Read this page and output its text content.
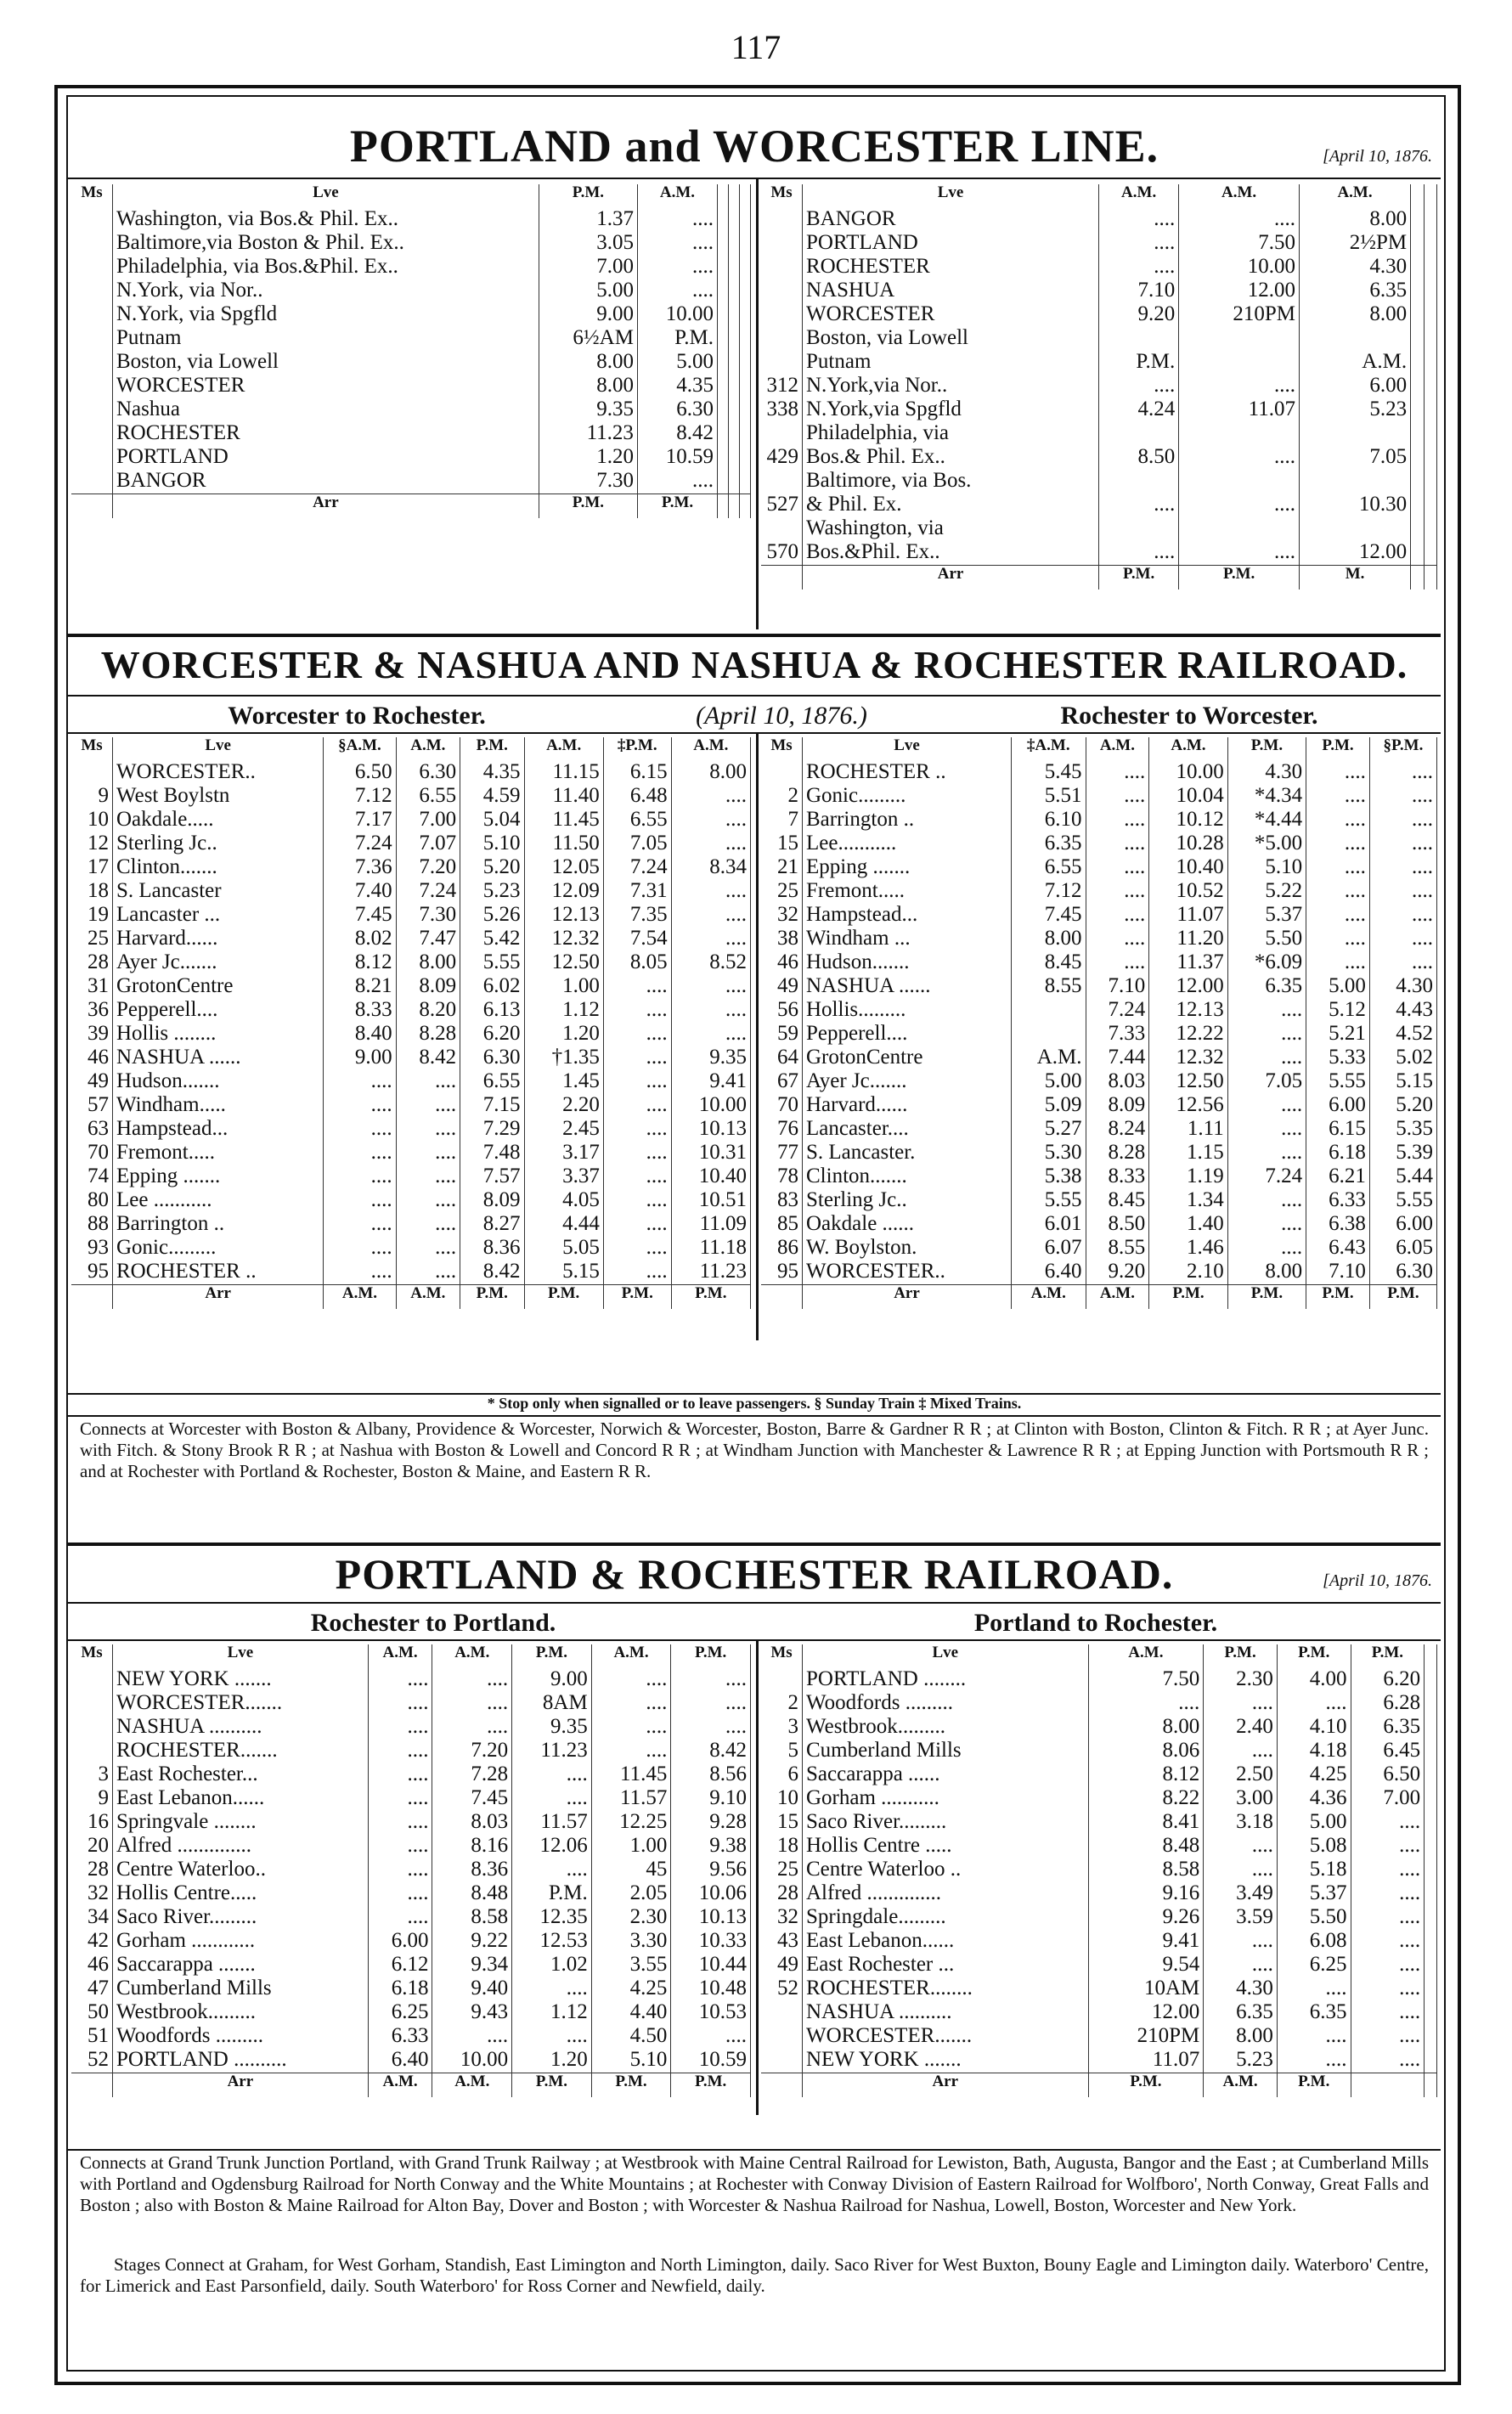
117
PORTLAND and WORCESTER LINE.	[April 10, 1876.
Ms	Lve	P.M.	A.M.			
	Washington, via Bos.& Phil. Ex..	1.37	....			
	Baltimore,via Boston & Phil. Ex..	3.05	....			
	Philadelphia, via Bos.&Phil. Ex..	7.00	....			
	N.York, via Nor..	5.00	....			
	N.York, via Spgfld	9.00	10.00			
	Putnam	6½AM	P.M.			
	Boston, via Lowell	8.00	5.00			
	WORCESTER	8.00	4.35			
	Nashua	9.35	6.30			
	ROCHESTER	11.23	8.42			
	PORTLAND	1.20	10.59			
	BANGOR	7.30	....			
	Arr	P.M.	P.M.			
Ms	Lve	A.M.	A.M.	A.M.		
	BANGOR	....	....	8.00		
	PORTLAND	....	7.50	2½PM		
	ROCHESTER	....	10.00	4.30		
	NASHUA	7.10	12.00	6.35		
	WORCESTER	9.20	210PM	8.00		
	Boston, via Lowell					
	Putnam	P.M.		A.M.		
312	N.York,via Nor..	....	....	6.00		
338	N.York,via Spgfld	4.24	11.07	5.23		
	Philadelphia, via					
429	Bos.& Phil. Ex..	8.50	....	7.05		
	Baltimore, via Bos.					
527	& Phil. Ex.	....	....	10.30		
	Washington, via					
570	Bos.&Phil. Ex..	....	....	12.00		
	Arr	P.M.	P.M.	M.		
WORCESTER & NASHUA AND NASHUA & ROCHESTER RAILROAD.
Worcester to Rochester.	(April 10, 1876.)	Rochester to Worcester.
Ms	Lve	§A.M.	A.M.	P.M.	A.M.	‡P.M.	A.M.
	WORCESTER..	6.50	6.30	4.35	11.15	6.15	8.00
9	West Boylstn	7.12	6.55	4.59	11.40	6.48	....
10	Oakdale.....	7.17	7.00	5.04	11.45	6.55	....
12	Sterling Jc..	7.24	7.07	5.10	11.50	7.05	....
17	Clinton.......	7.36	7.20	5.20	12.05	7.24	8.34
18	S. Lancaster	7.40	7.24	5.23	12.09	7.31	....
19	Lancaster ...	7.45	7.30	5.26	12.13	7.35	....
25	Harvard......	8.02	7.47	5.42	12.32	7.54	....
28	Ayer Jc.......	8.12	8.00	5.55	12.50	8.05	8.52
31	GrotonCentre	8.21	8.09	6.02	1.00	....	....
36	Pepperell....	8.33	8.20	6.13	1.12	....	....
39	Hollis ........	8.40	8.28	6.20	1.20	....	....
46	NASHUA ......	9.00	8.42	6.30	†1.35	....	9.35
49	Hudson.......	....	....	6.55	1.45	....	9.41
57	Windham.....	....	....	7.15	2.20	....	10.00
63	Hampstead...	....	....	7.29	2.45	....	10.13
70	Fremont.....	....	....	7.48	3.17	....	10.31
74	Epping .......	....	....	7.57	3.37	....	10.40
80	Lee ...........	....	....	8.09	4.05	....	10.51
88	Barrington ..	....	....	8.27	4.44	....	11.09
93	Gonic.........	....	....	8.36	5.05	....	11.18
95	ROCHESTER ..	....	....	8.42	5.15	....	11.23
	Arr	A.M.	A.M.	P.M.	P.M.	P.M.	P.M.
Ms	Lve	‡A.M.	A.M.	A.M.	P.M.	P.M.	§P.M.
	ROCHESTER ..	5.45	....	10.00	4.30	....	....
2	Gonic.........	5.51	....	10.04	*4.34	....	....
7	Barrington ..	6.10	....	10.12	*4.44	....	....
15	Lee...........	6.35	....	10.28	*5.00	....	....
21	Epping .......	6.55	....	10.40	5.10	....	....
25	Fremont.....	7.12	....	10.52	5.22	....	....
32	Hampstead...	7.45	....	11.07	5.37	....	....
38	Windham ...	8.00	....	11.20	5.50	....	....
46	Hudson.......	8.45	....	11.37	*6.09	....	....
49	NASHUA ......	8.55	7.10	12.00	6.35	5.00	4.30
56	Hollis.........		7.24	12.13	....	5.12	4.43
59	Pepperell....		7.33	12.22	....	5.21	4.52
64	GrotonCentre	A.M.	7.44	12.32	....	5.33	5.02
67	Ayer Jc.......	5.00	8.03	12.50	7.05	5.55	5.15
70	Harvard......	5.09	8.09	12.56	....	6.00	5.20
76	Lancaster....	5.27	8.24	1.11	....	6.15	5.35
77	S. Lancaster.	5.30	8.28	1.15	....	6.18	5.39
78	Clinton.......	5.38	8.33	1.19	7.24	6.21	5.44
83	Sterling Jc..	5.55	8.45	1.34	....	6.33	5.55
85	Oakdale ......	6.01	8.50	1.40	....	6.38	6.00
86	W. Boylston.	6.07	8.55	1.46	....	6.43	6.05
95	WORCESTER..	6.40	9.20	2.10	8.00	7.10	6.30
	Arr	A.M.	A.M.	P.M.	P.M.	P.M.	P.M.
* Stop only when signalled or to leave passengers. § Sunday Train ‡ Mixed Trains.
Connects at Worcester with Boston & Albany, Providence & Worcester, Norwich & Worcester, Boston, Barre & Gardner R R ; at Clinton with Boston, Clinton & Fitch. R R ; at Ayer Junc. with Fitch. & Stony Brook R R ; at Nashua with Boston & Lowell and Concord R R ; at Windham Junction with Manchester & Lawrence R R ; at Epping Junction with Portsmouth R R ; and at Rochester with Portland & Rochester, Boston & Maine, and Eastern R R.
PORTLAND & ROCHESTER RAILROAD.	[April 10, 1876.
Rochester to Portland.	Portland to Rochester.
Ms	Lve	A.M.	A.M.	P.M.	A.M.	P.M.
	NEW YORK .......	....	....	9.00	....	....
	WORCESTER.......	....	....	8AM	....	....
	NASHUA ..........	....	....	9.35	....	....
	ROCHESTER.......	....	7.20	11.23	....	8.42
3	East Rochester...	....	7.28	....	11.45	8.56
9	East Lebanon......	....	7.45	....	11.57	9.10
16	Springvale ........	....	8.03	11.57	12.25	9.28
20	Alfred ..............	....	8.16	12.06	1.00	9.38
28	Centre Waterloo..	....	8.36	....	45	9.56
32	Hollis Centre.....	....	8.48	P.M.	2.05	10.06
34	Saco River.........	....	8.58	12.35	2.30	10.13
42	Gorham ............	6.00	9.22	12.53	3.30	10.33
46	Saccarappa .......	6.12	9.34	1.02	3.55	10.44
47	Cumberland Mills	6.18	9.40	....	4.25	10.48
50	Westbrook.........	6.25	9.43	1.12	4.40	10.53
51	Woodfords .........	6.33	....	....	4.50	....
52	PORTLAND ..........	6.40	10.00	1.20	5.10	10.59
	Arr	A.M.	A.M.	P.M.	P.M.	P.M.
Ms	Lve	A.M.	P.M.	P.M.	P.M.	
	PORTLAND ........	7.50	2.30	4.00	6.20	
2	Woodfords .........	....	....	....	6.28	
3	Westbrook.........	8.00	2.40	4.10	6.35	
5	Cumberland Mills	8.06	....	4.18	6.45	
6	Saccarappa ......	8.12	2.50	4.25	6.50	
10	Gorham ...........	8.22	3.00	4.36	7.00	
15	Saco River.........	8.41	3.18	5.00	....	
18	Hollis Centre .....	8.48	....	5.08	....	
25	Centre Waterloo ..	8.58	....	5.18	....	
28	Alfred ..............	9.16	3.49	5.37	....	
32	Springdale.........	9.26	3.59	5.50	....	
43	East Lebanon......	9.41	....	6.08	....	
49	East Rochester ...	9.54	....	6.25	....	
52	ROCHESTER........	10AM	4.30	....	....	
	NASHUA ..........	12.00	6.35	6.35	....	
	WORCESTER.......	210PM	8.00	....	....	
	NEW YORK .......	11.07	5.23	....	....	
	Arr	P.M.	A.M.	P.M.		
Connects at Grand Trunk Junction Portland, with Grand Trunk Railway ; at Westbrook with Maine Central Railroad for Lewiston, Bath, Augusta, Bangor and the East ; at Cumberland Mills with Portland and Ogdensburg Railroad for North Conway and the White Mountains ; at Rochester with Conway Division of Eastern Railroad for Wolfboro', North Conway, Great Falls and Boston ; also with Boston & Maine Railroad for Alton Bay, Dover and Boston ; with Worcester & Nashua Railroad for Nashua, Lowell, Boston, Worcester and New York.
Stages Connect at Graham, for West Gorham, Standish, East Limington and North Limington, daily. Saco River for West Buxton, Bouny Eagle and Limington daily. Waterboro' Centre, for Limerick and East Parsonfield, daily. South Waterboro' for Ross Corner and Newfield, daily.
